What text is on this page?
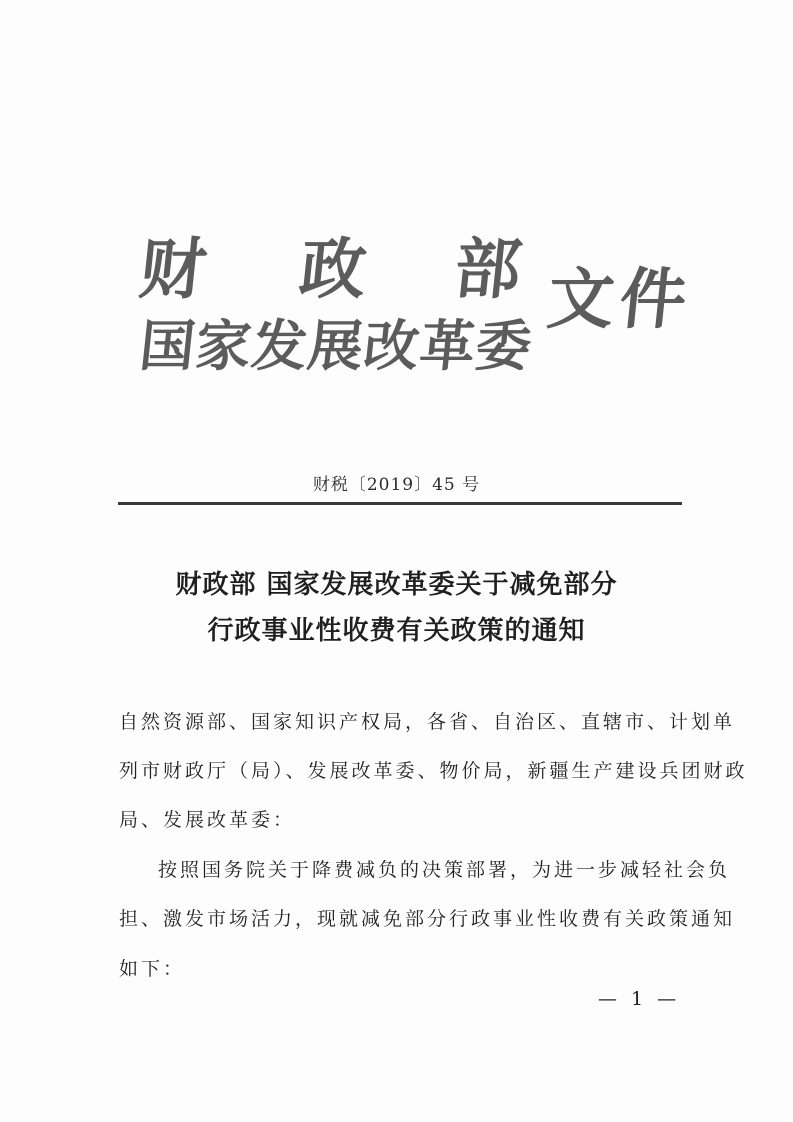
财 政 部
国家发展改革委
文件
财税〔2019〕45 号
财政部 国家发展改革委关于减免部分
行政事业性收费有关政策的通知
自然资源部、国家知识产权局，各省、自治区、直辖市、计划单
列市财政厅（局）、发展改革委、物价局，新疆生产建设兵团财政
局、发展改革委：
按照国务院关于降费减负的决策部署，为进一步减轻社会负
担、激发市场活力，现就减免部分行政事业性收费有关政策通知
如下：
— 1 —
